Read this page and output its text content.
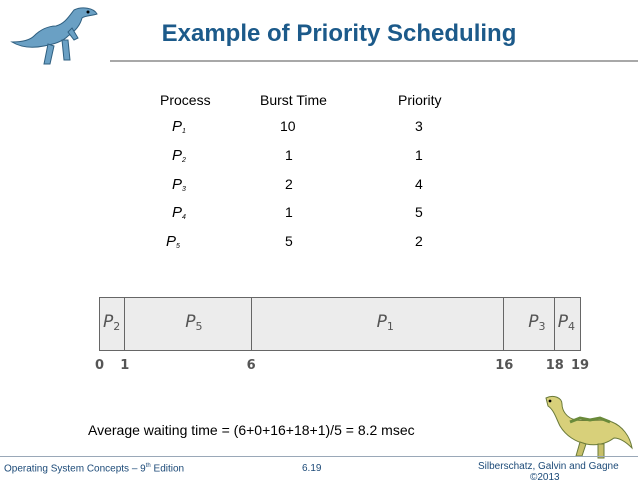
Example of Priority Scheduling
Process	Burst Time	Priority
$P_1$	10	3
$P_2$	1	1
$P_3$	2	4
$P_4$	1	5
$P_5$	5	2
$P_2$	$P_5$	$P_1$	$P_3$ $P_4$
0 1	6	16 18 19
Average waiting time = (6+0+16+18+1)/5 = 8.2 msec
Operating System Concepts – 9th Edition	6.19	Silberschatz, Galvin and Gagne
©2013
